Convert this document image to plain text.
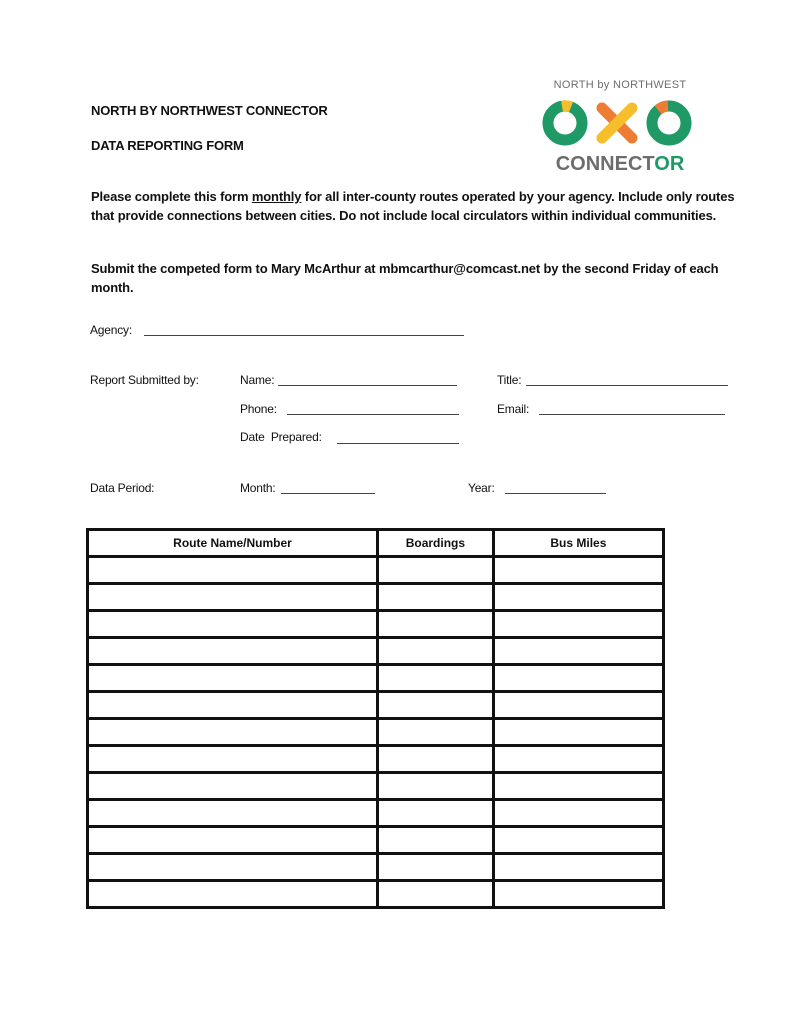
NORTH BY NORTHWEST CONNECTOR
DATA REPORTING FORM
NORTH by NORTHWEST
CONNECTOR
Please complete this form monthly for all inter-county routes operated by your agency. Include only routes that provide connections between cities. Do not include local circulators within individual communities.
Submit the competed form to Mary McArthur at mbmcarthur@comcast.net by the second Friday of each month.
Agency:
Report Submitted by:	Name:	Title:
Phone:	Email:
Date  Prepared:
Data Period:	Month:	Year:
Route Name/Number	Boardings	Bus Miles
